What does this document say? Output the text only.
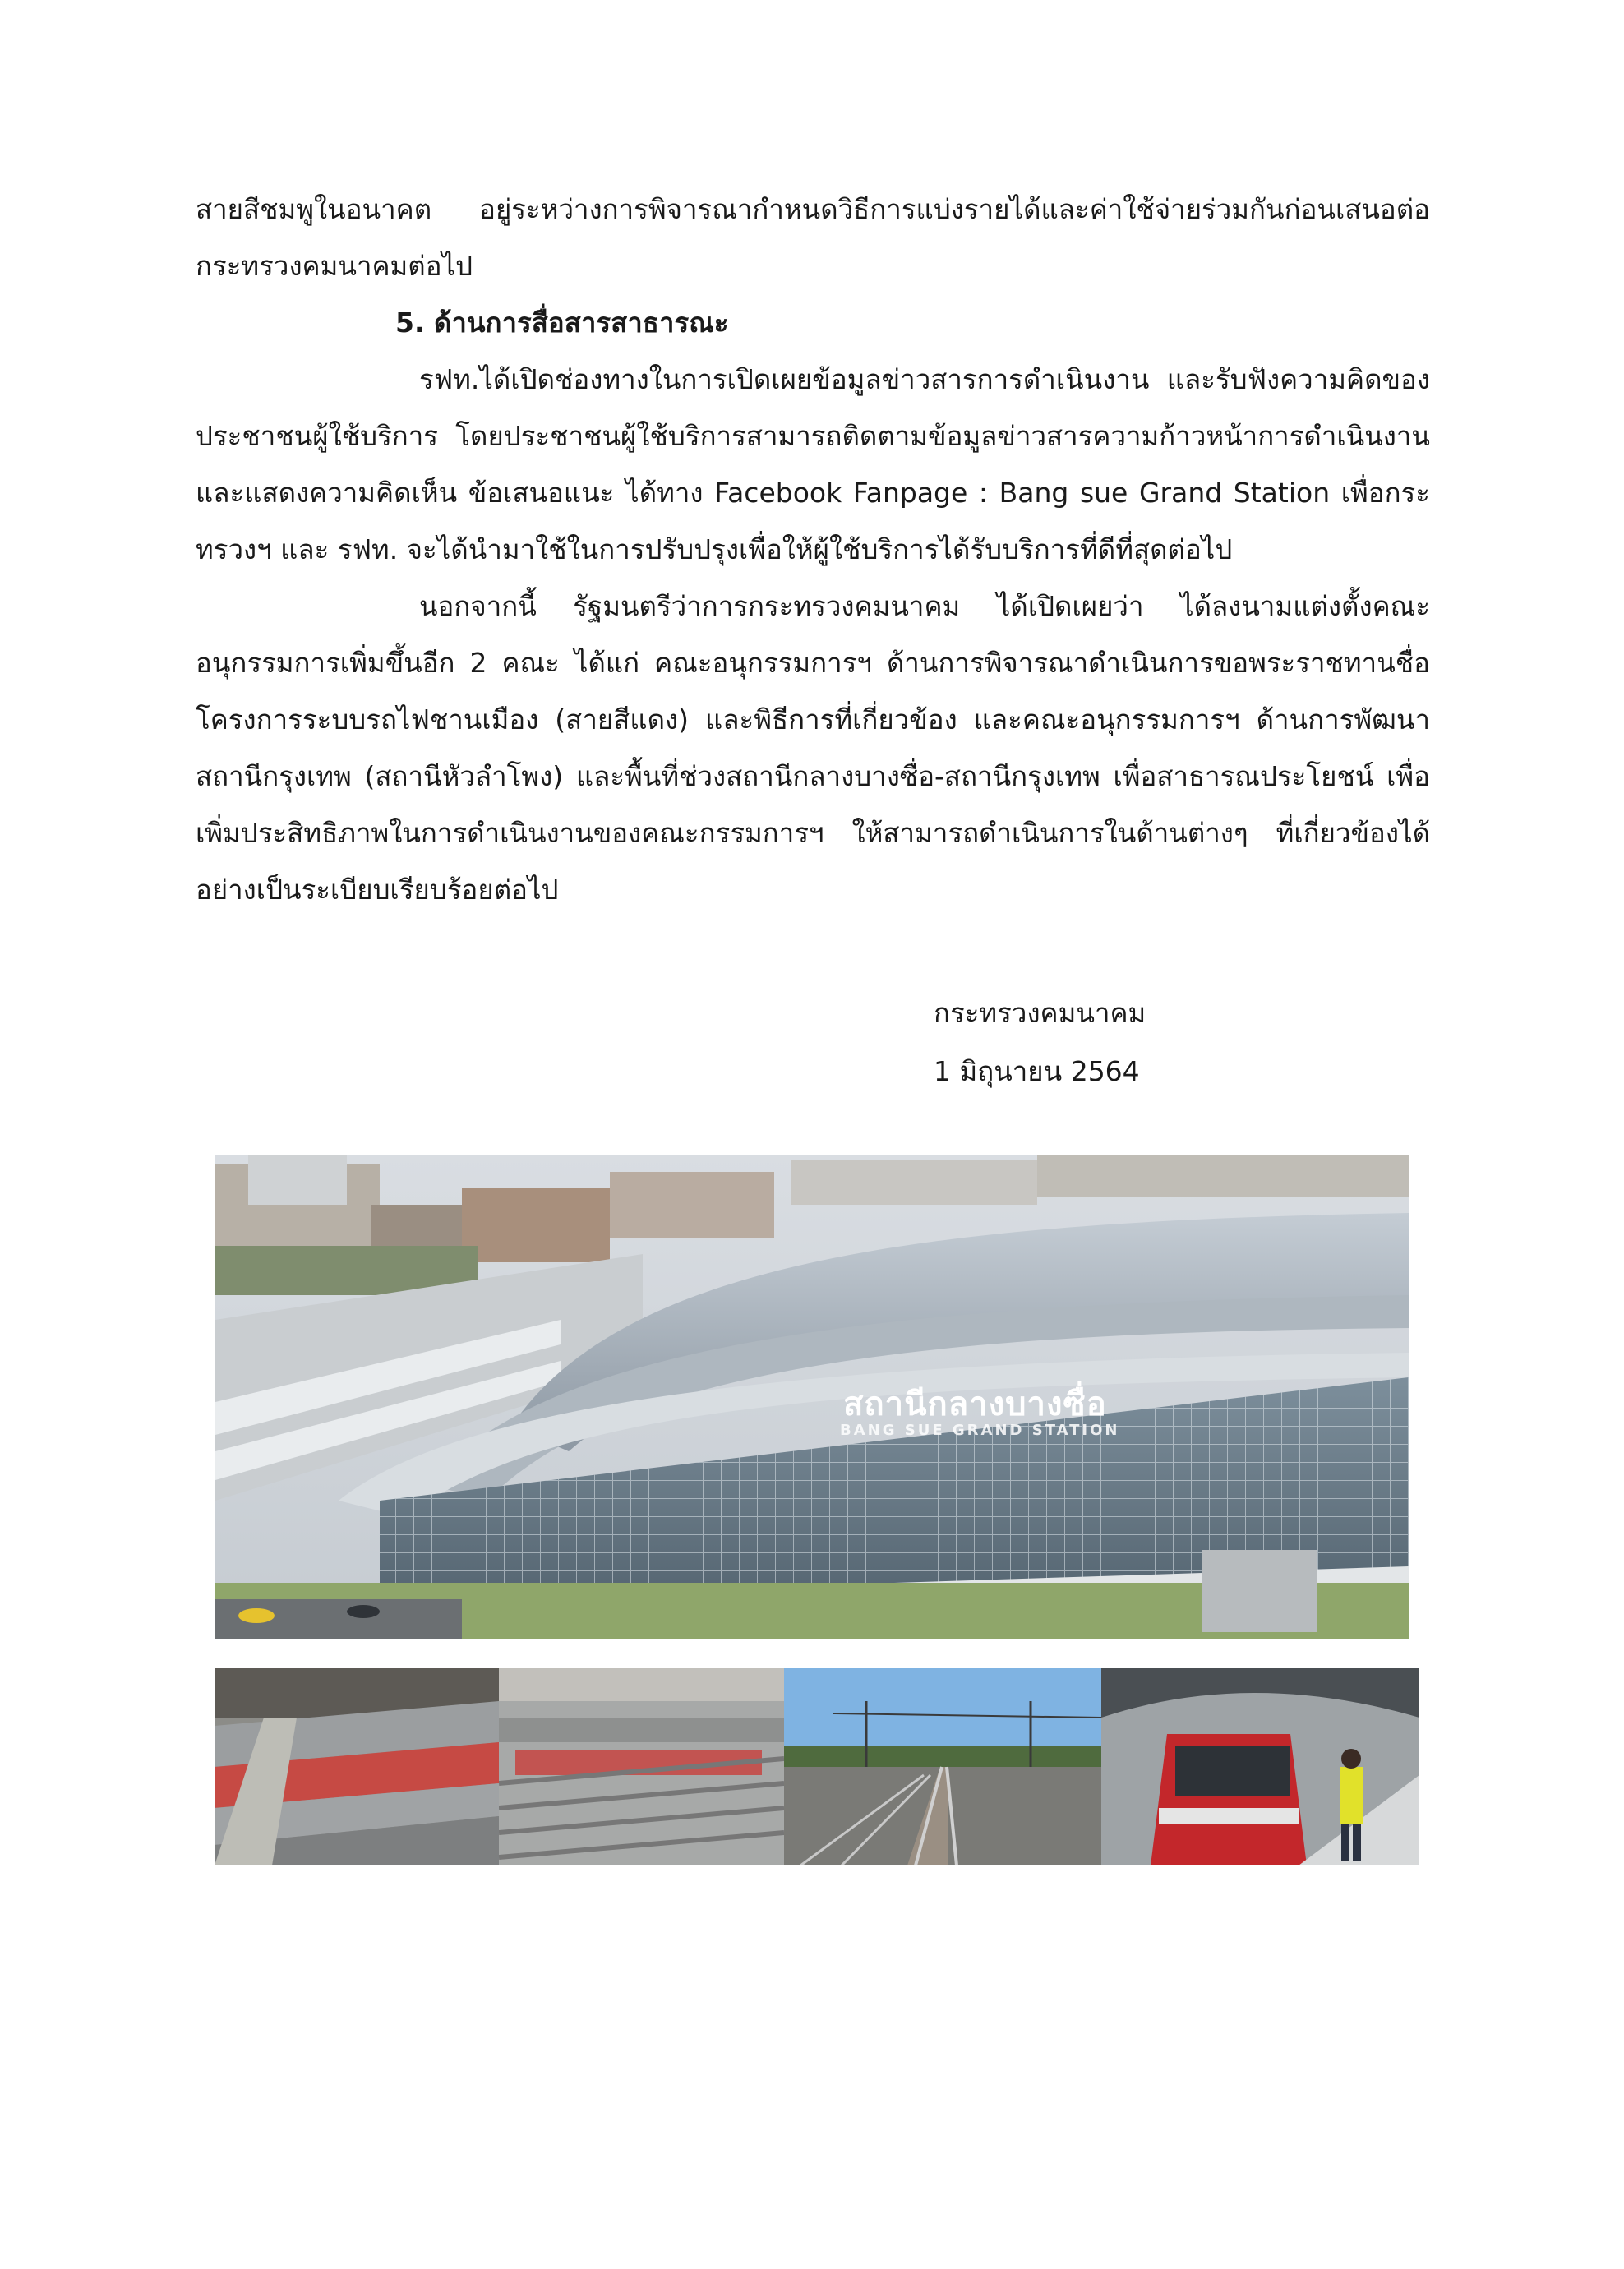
สายสีชมพูในอนาคต อยู่ระหว่างการพิจารณากำหนดวิธีการแบ่งรายได้และค่าใช้จ่ายร่วมกันก่อนเสนอต่อกระทรวงคมนาคมต่อไป

5. ด้านการสื่อสารสาธารณะ

รฟท.ได้เปิดช่องทางในการเปิดเผยข้อมูลข่าวสารการดำเนินงาน และรับฟังความคิดของประชาชนผู้ใช้บริการ โดยประชาชนผู้ใช้บริการสามารถติดตามข้อมูลข่าวสารความก้าวหน้าการดำเนินงานและแสดงความคิดเห็น ข้อเสนอแนะ ได้ทาง Facebook Fanpage : Bang sue Grand Station เพื่อกระทรวงฯ และ รฟท. จะได้นำมาใช้ในการปรับปรุงเพื่อให้ผู้ใช้บริการได้รับบริการที่ดีที่สุดต่อไป

นอกจากนี้ รัฐมนตรีว่าการกระทรวงคมนาคม ได้เปิดเผยว่า ได้ลงนามแต่งตั้งคณะอนุกรรมการเพิ่มขึ้นอีก 2 คณะ ได้แก่ คณะอนุกรรมการฯ ด้านการพิจารณาดำเนินการขอพระราชทานชื่อโครงการระบบรถไฟชานเมือง (สายสีแดง) และพิธีการที่เกี่ยวข้อง และคณะอนุกรรมการฯ ด้านการพัฒนาสถานีกรุงเทพ (สถานีหัวลำโพง) และพื้นที่ช่วงสถานีกลางบางซื่อ-สถานีกรุงเทพ เพื่อสาธารณประโยชน์ เพื่อเพิ่มประสิทธิภาพในการดำเนินงานของคณะกรรมการฯ ให้สามารถดำเนินการในด้านต่างๆ ที่เกี่ยวข้องได้อย่างเป็นระเบียบเรียบร้อยต่อไป

กระทรวงคมนาคม
1 มิถุนายน 2564
สถานีกลางบางซื่อ
BANG SUE GRAND STATION
